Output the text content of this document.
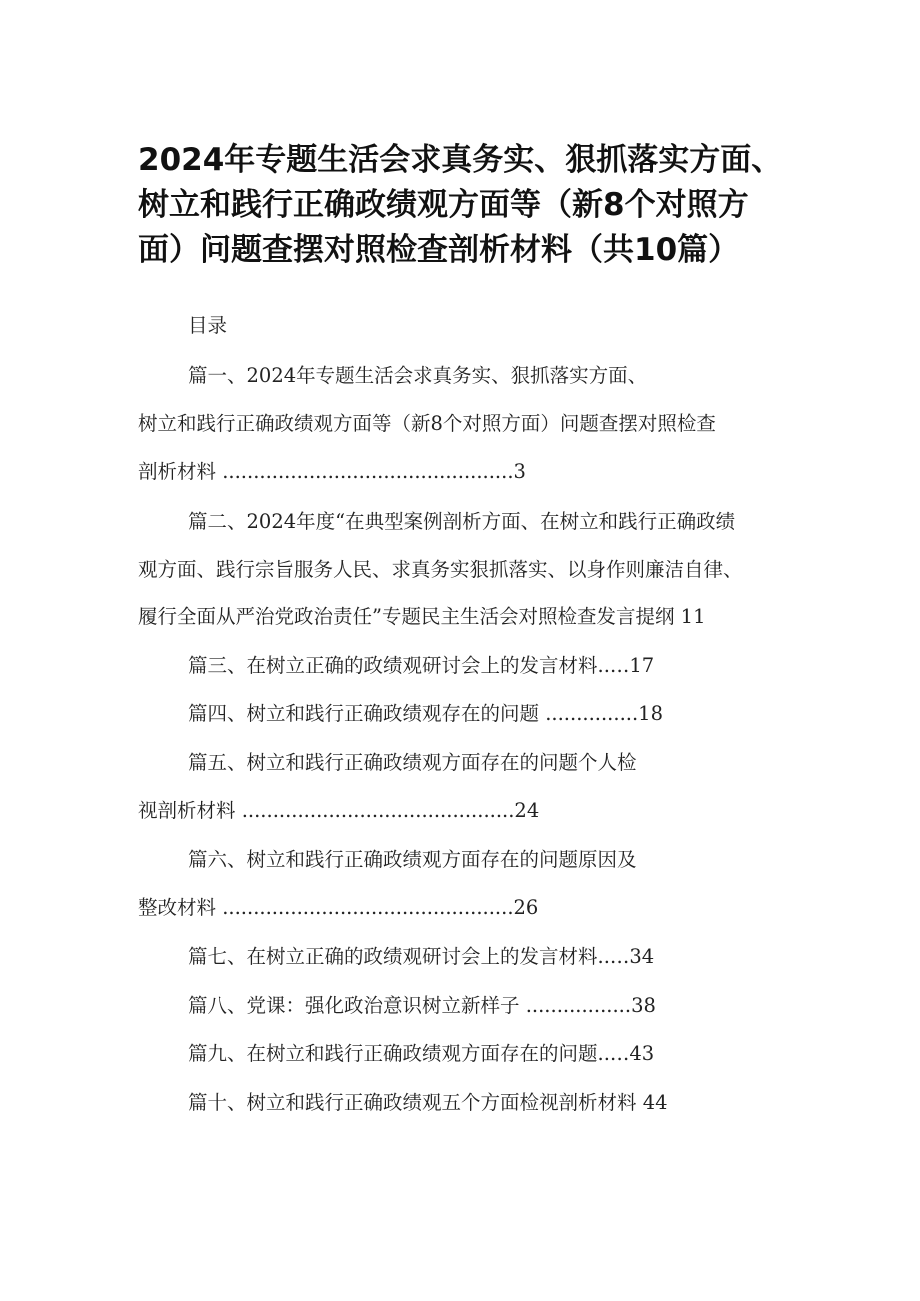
2024年专题生活会求真务实、狠抓落实方面、
树立和践行正确政绩观方面等（新8个对照方
面）问题查摆对照检查剖析材料（共10篇）
目录
篇一、2024年专题生活会求真务实、狠抓落实方面、
树立和践行正确政绩观方面等（新8个对照方面）问题查摆对照检查
剖析材料 ...............................................3
篇二、2024年度“在典型案例剖析方面、在树立和践行正确政绩
观方面、践行宗旨服务人民、求真务实狠抓落实、以身作则廉洁自律、
履行全面从严治党政治责任”专题民主生活会对照检查发言提纲 11
篇三、在树立正确的政绩观研讨会上的发言材料..…17
篇四、树立和践行正确政绩观存在的问题 ...............18
篇五、树立和践行正确政绩观方面存在的问题个人检
视剖析材料 ............................................24
篇六、树立和践行正确政绩观方面存在的问题原因及
整改材料 ...............................................26
篇七、在树立正确的政绩观研讨会上的发言材料..…34
篇八、党课：强化政治意识树立新样子 .................38
篇九、在树立和践行正确政绩观方面存在的问题..…43
篇十、树立和践行正确政绩观五个方面检视剖析材料 44
